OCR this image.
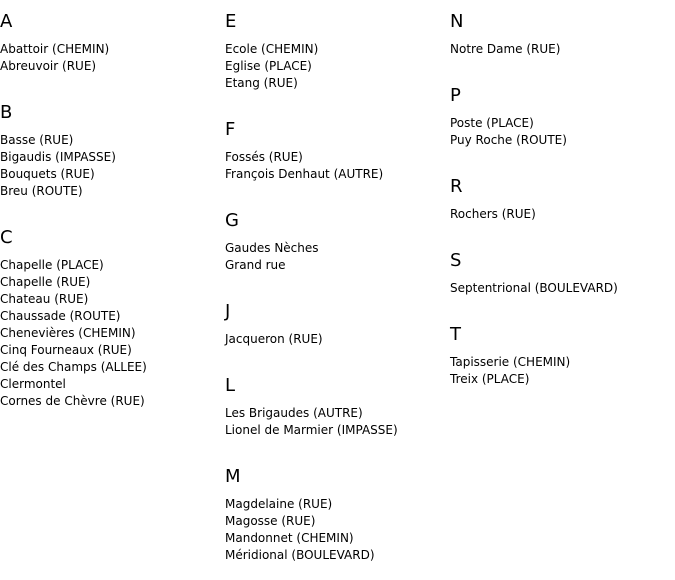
A
Abattoir (CHEMIN)
Abreuvoir (RUE)
B
Basse (RUE)
Bigaudis (IMPASSE)
Bouquets (RUE)
Breu (ROUTE)
C
Chapelle (PLACE)
Chapelle (RUE)
Chateau (RUE)
Chaussade (ROUTE)
Chenevières (CHEMIN)
Cinq Fourneaux (RUE)
Clé des Champs (ALLEE)
Clermontel
Cornes de Chèvre (RUE)
E
Ecole (CHEMIN)
Eglise (PLACE)
Etang (RUE)
F
Fossés (RUE)
François Denhaut (AUTRE)
G
Gaudes Nèches
Grand rue
J
Jacqueron (RUE)
L
Les Brigaudes (AUTRE)
Lionel de Marmier (IMPASSE)
M
Magdelaine (RUE)
Magosse (RUE)
Mandonnet (CHEMIN)
Méridional (BOULEVARD)
N
Notre Dame (RUE)
P
Poste (PLACE)
Puy Roche (ROUTE)
R
Rochers (RUE)
S
Septentrional (BOULEVARD)
T
Tapisserie (CHEMIN)
Treix (PLACE)
